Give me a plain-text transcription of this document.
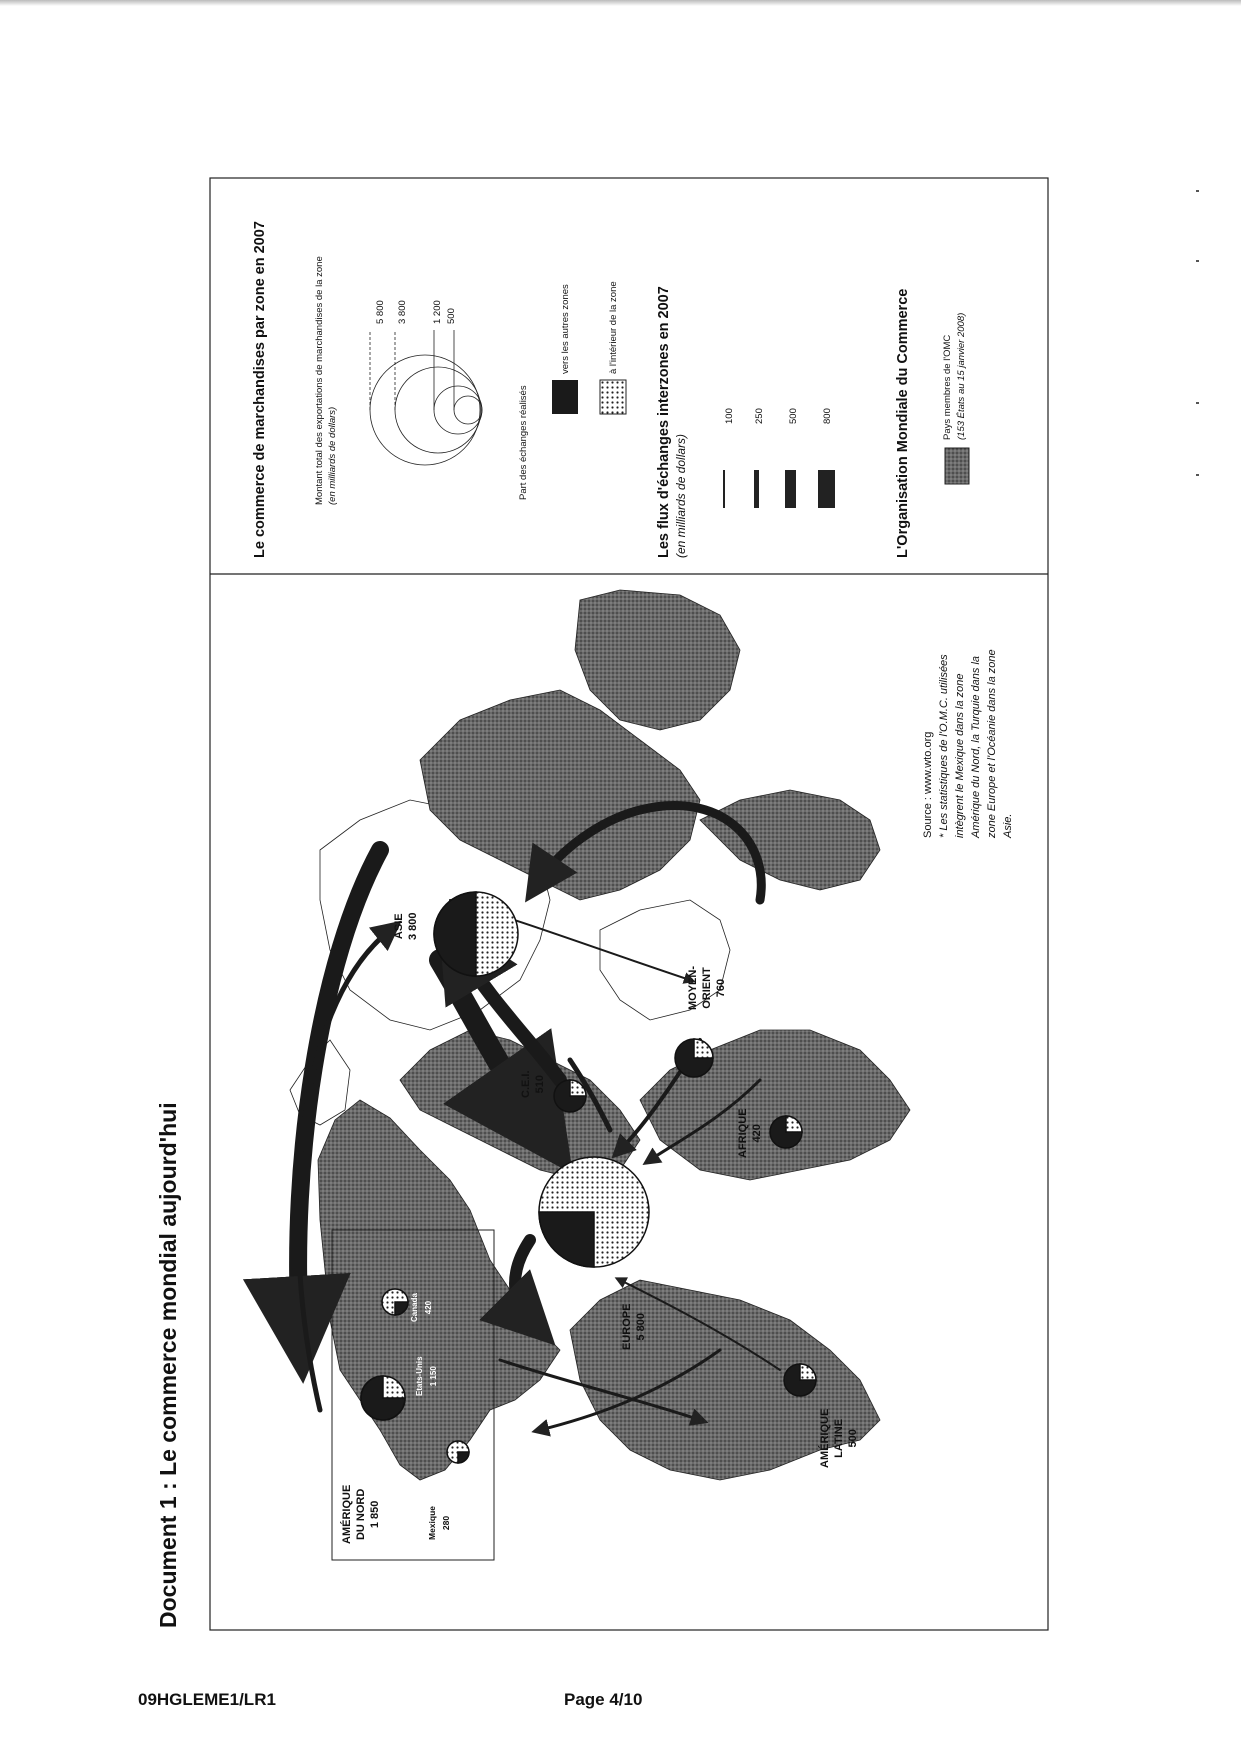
Document 1 : Le commerce mondial aujourd'hui
Le commerce de marchandises par zone en 2007	Montant total des exportations de marchandises de la zone (en milliards de dollars)
5 800 3 800	1 200 500
Part des échanges réalisés
vers les autres zones	à l'intérieur de la zone	Les flux d'échanges interzones en 2007 (en milliards de dollars)
100 250 500 800	L'Organisation Mondiale du Commerce	Pays membres de l'OMC (153 États au 15 janvier 2008)
AMÉRIQUE DU NORD 1 850	Mexique 280
Etats-Unis 1 150
Canada 420	EUROPE 5 800
ASIE 3 800
C.E.I. 510
MOYEN- ORIENT 760
AFRIQUE 420
AMÉRIQUE LATINE 500
Source : www.wto.org * Les statistiques de l'O.M.C. utilisées intègrent le Mexique dans la zone Amérique du Nord, la Turquie dans la zone Europe et l'Océanie dans la zone Asie.
09HGLEME1/LR1	Page 4/10
